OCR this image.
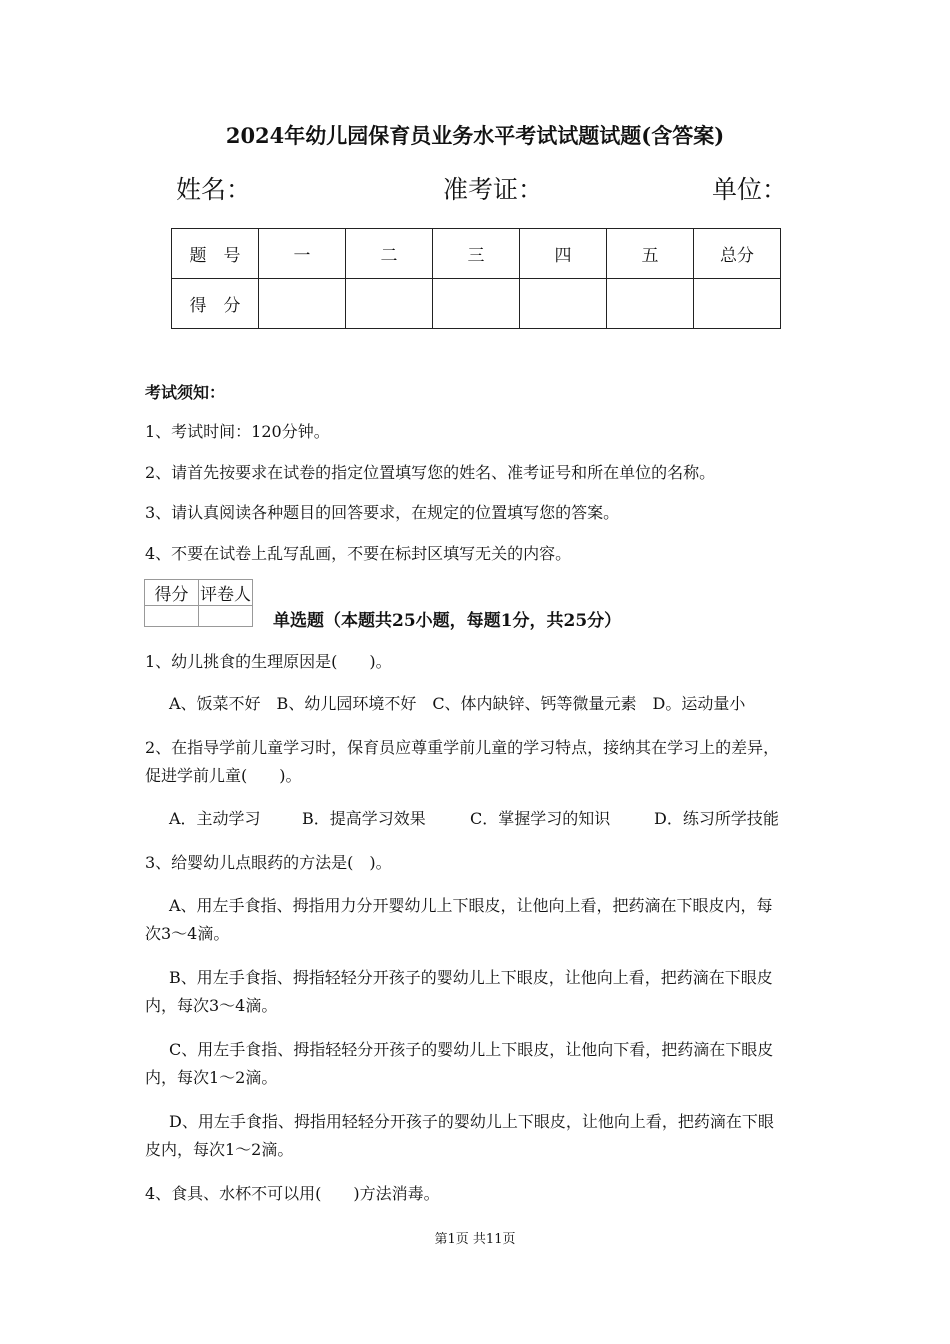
2024年幼儿园保育员业务水平考试试题试题(含答案)
姓名：	准考证：	单位：
题　号	一	二	三	四	五	总分
得　分						
考试须知：
1、考试时间：120分钟。
2、请首先按要求在试卷的指定位置填写您的姓名、准考证号和所在单位的名称。
3、请认真阅读各种题目的回答要求，在规定的位置填写您的答案。
4、不要在试卷上乱写乱画，不要在标封区填写无关的内容。
得分	评卷人

单选题（本题共25小题，每题1分，共25分）
1、幼儿挑食的生理原因是(　　)。
A、饭菜不好　B、幼儿园环境不好　C、体内缺锌、钙等微量元素　D。运动量小
2、在指导学前儿童学习时，保育员应尊重学前儿童的学习特点，接纳其在学习上的差异，
促进学前儿童(　　)。
A．主动学习	B．提高学习效果	C．掌握学习的知识	D．练习所学技能
3、给婴幼儿点眼药的方法是(　)。
A、用左手食指、拇指用力分开婴幼儿上下眼皮，让他向上看，把药滴在下眼皮内，每
次3～4滴。
B、用左手食指、拇指轻轻分开孩子的婴幼儿上下眼皮，让他向上看，把药滴在下眼皮
内，每次3～4滴。
C、用左手食指、拇指轻轻分开孩子的婴幼儿上下眼皮，让他向下看，把药滴在下眼皮
内，每次1～2滴。
D、用左手食指、拇指用轻轻分开孩子的婴幼儿上下眼皮，让他向上看，把药滴在下眼
皮内，每次1～2滴。
4、食具、水杯不可以用(　　)方法消毒。
第1页 共11页
